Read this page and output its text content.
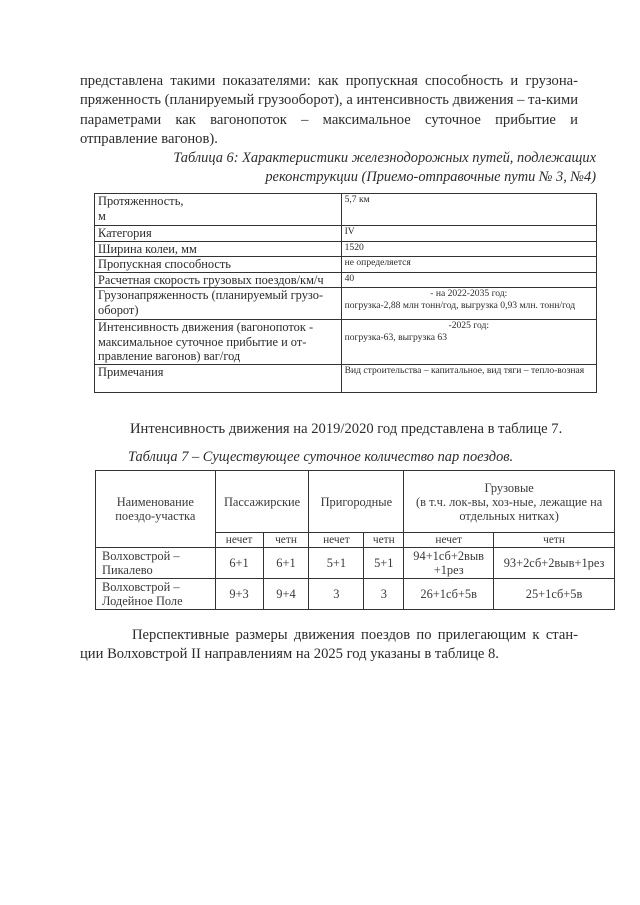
представлена такими показателями: как пропускная способность и грузона-пряженность (планируемый грузооборот), а интенсивность движения – та-кими параметрами как вагонопоток – максимальное суточное прибытие и отправление вагонов).

Таблица 6: Характеристики железнодорожных путей, подлежащих
реконструкции (Приемо-отправочные пути № 3, №4)

Протяженность,
м	5,7 км
Категория	IV
Ширина колеи, мм	1520
Пропускная способность	не определяется
Расчетная скорость грузовых поездов/км/ч	40
Грузонапряженность (планируемый грузо-оборот)	- на 2022-2035 год:
погрузка-2,88 млн тонн/год, выгрузка 0,93 млн. тонн/год
Интенсивность движения (вагонопоток - максимальное суточное прибытие и от-правление вагонов) ваг/год	-2025 год:
погрузка-63, выгрузка 63
Примечания	Вид строительства – капитальное, вид тяги – тепло-возная

Интенсивность движения на 2019/2020 год представлена в таблице 7.

Таблица 7 – Существующее суточное количество пар поездов.

Наименование поездо-участка	Пассажирские		Пригородные		Грузовые
(в т.ч. лок-вы, хоз-ные, лежащие на отдельных нитках)	

	нечет	четн	нечет	четн	нечет	четн
Волховстрой – Пикалево	6+1	6+1	5+1	5+1	94+1сб+2выв +1рез	93+2сб+2выв+1рез
Волховстрой – Лодейное Поле	9+3	9+4	3	3	26+1сб+5в	25+1сб+5в

Перспективные размеры движения поездов по прилегающим к стан-ции Волховстрой II направлениям на 2025 год указаны в таблице 8.
